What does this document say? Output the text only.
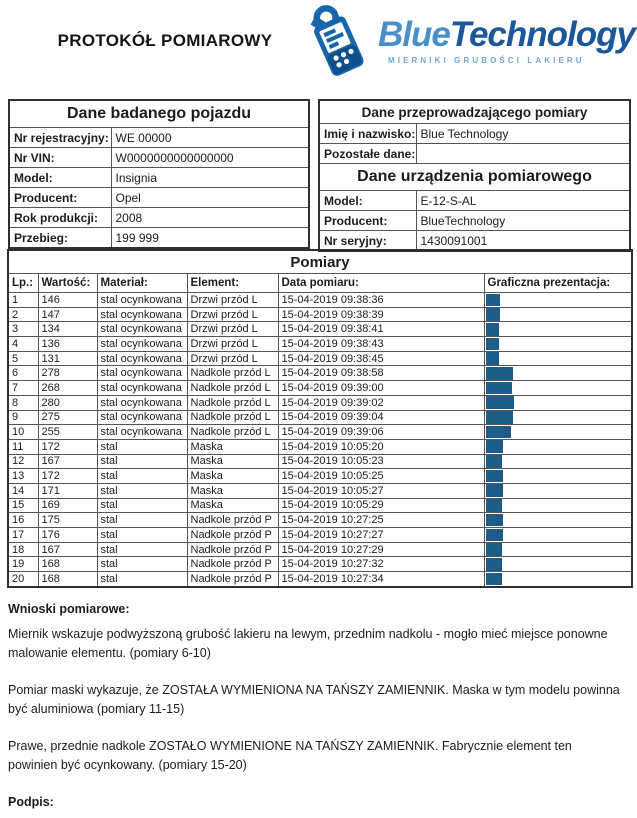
PROTOKÓŁ POMIAROWY	BlueTechnology
MIERNIKI GRUBOŚCI LAKIERU
Dane badanego pojazdu	
Nr rejestracyjny:	WE 00000
Nr VIN:	W0000000000000000
Model:	Insignia
Producent:	Opel
Rok produkcji:	2008
Przebieg:	199 999
Dane przeprowadzającego pomiary	
Imię i nazwisko:	Blue Technology
Pozostałe dane:	
Dane urządzenia pomiarowego	
Model:	E-12-S-AL
Producent:	BlueTechnology
Nr seryjny:	1430091001
Pomiary					
Lp.:	Wartość:	Materiał:	Element:	Data pomiaru:	Graficzna prezentacja:
1	146	stal ocynkowana	Drzwi przód L	15-04-2019 09:38:36	

2	147	stal ocynkowana	Drzwi przód L	15-04-2019 09:38:39	

3	134	stal ocynkowana	Drzwi przód L	15-04-2019 09:38:41	

4	136	stal ocynkowana	Drzwi przód L	15-04-2019 09:38:43	

5	131	stal ocynkowana	Drzwi przód L	15-04-2019 09:38:45	

6	278	stal ocynkowana	Nadkole przód L	15-04-2019 09:38:58	

7	268	stal ocynkowana	Nadkole przód L	15-04-2019 09:39:00	

8	280	stal ocynkowana	Nadkole przód L	15-04-2019 09:39:02	

9	275	stal ocynkowana	Nadkole przód L	15-04-2019 09:39:04	

10	255	stal ocynkowana	Nadkole przód L	15-04-2019 09:39:06	

11	172	stal	Maska	15-04-2019 10:05:20	

12	167	stal	Maska	15-04-2019 10:05:23	

13	172	stal	Maska	15-04-2019 10:05:25	

14	171	stal	Maska	15-04-2019 10:05:27	

15	169	stal	Maska	15-04-2019 10:05:29	

16	175	stal	Nadkole przód P	15-04-2019 10:27:25	

17	176	stal	Nadkole przód P	15-04-2019 10:27:27	

18	167	stal	Nadkole przód P	15-04-2019 10:27:29	

19	168	stal	Nadkole przód P	15-04-2019 10:27:32	

20	168	stal	Nadkole przód P	15-04-2019 10:27:34	
Wnioski pomiarowe:

Miernik wskazuje podwyższoną grubość lakieru na lewym, przednim nadkolu - mogło mieć miejsce ponowne malowanie elementu. (pomiary 6-10)

Pomiar maski wykazuje, że ZOSTAŁA WYMIENIONA NA TAŃSZY ZAMIENNIK. Maska w tym modelu powinna być aluminiowa (pomiary 11-15)

Prawe, przednie nadkole ZOSTAŁO WYMIENIONE NA TAŃSZY ZAMIENNIK. Fabrycznie element ten powinien być ocynkowany. (pomiary 15-20)

Podpis:
